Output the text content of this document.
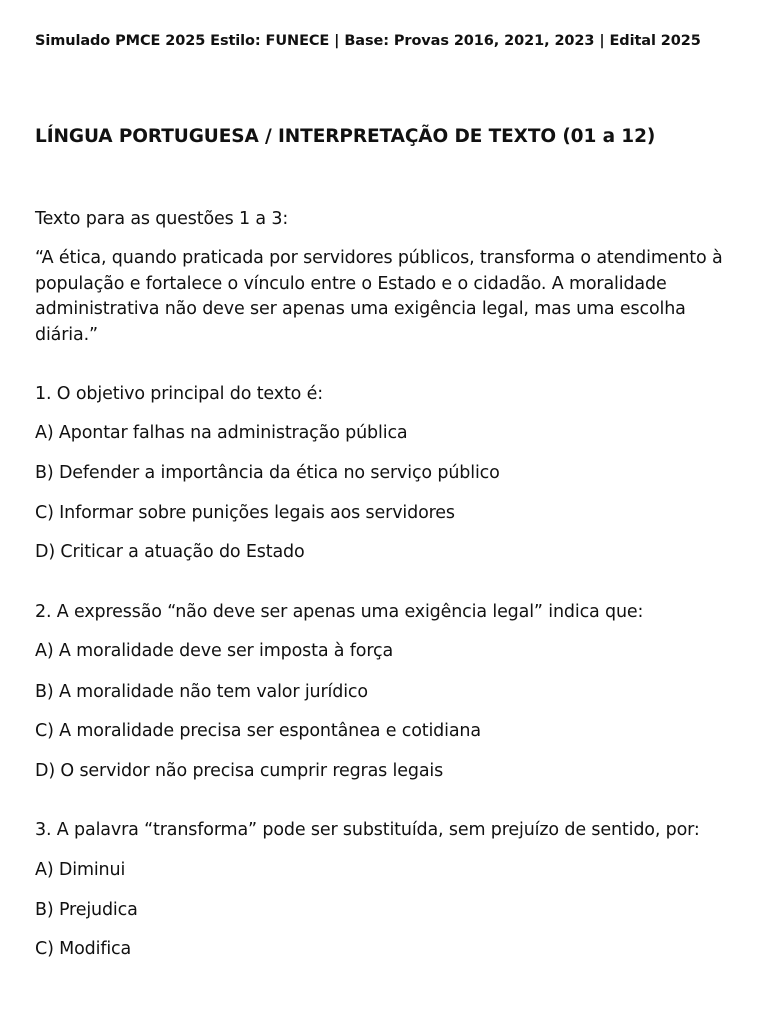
Simulado PMCE 2025 Estilo: FUNECE | Base: Provas 2016, 2021, 2023 | Edital 2025
LÍNGUA PORTUGUESA / INTERPRETAÇÃO DE TEXTO (01 a 12)
Texto para as questões 1 a 3:
“A ética, quando praticada por servidores públicos, transforma o atendimento à
população e fortalece o vínculo entre o Estado e o cidadão. A moralidade
administrativa não deve ser apenas uma exigência legal, mas uma escolha
diária.”
1. O objetivo principal do texto é:
A) Apontar falhas na administração pública
B) Defender a importância da ética no serviço público
C) Informar sobre punições legais aos servidores
D) Criticar a atuação do Estado
2. A expressão “não deve ser apenas uma exigência legal” indica que:
A) A moralidade deve ser imposta à força
B) A moralidade não tem valor jurídico
C) A moralidade precisa ser espontânea e cotidiana
D) O servidor não precisa cumprir regras legais
3. A palavra “transforma” pode ser substituída, sem prejuízo de sentido, por:
A) Diminui
B) Prejudica
C) Modifica
